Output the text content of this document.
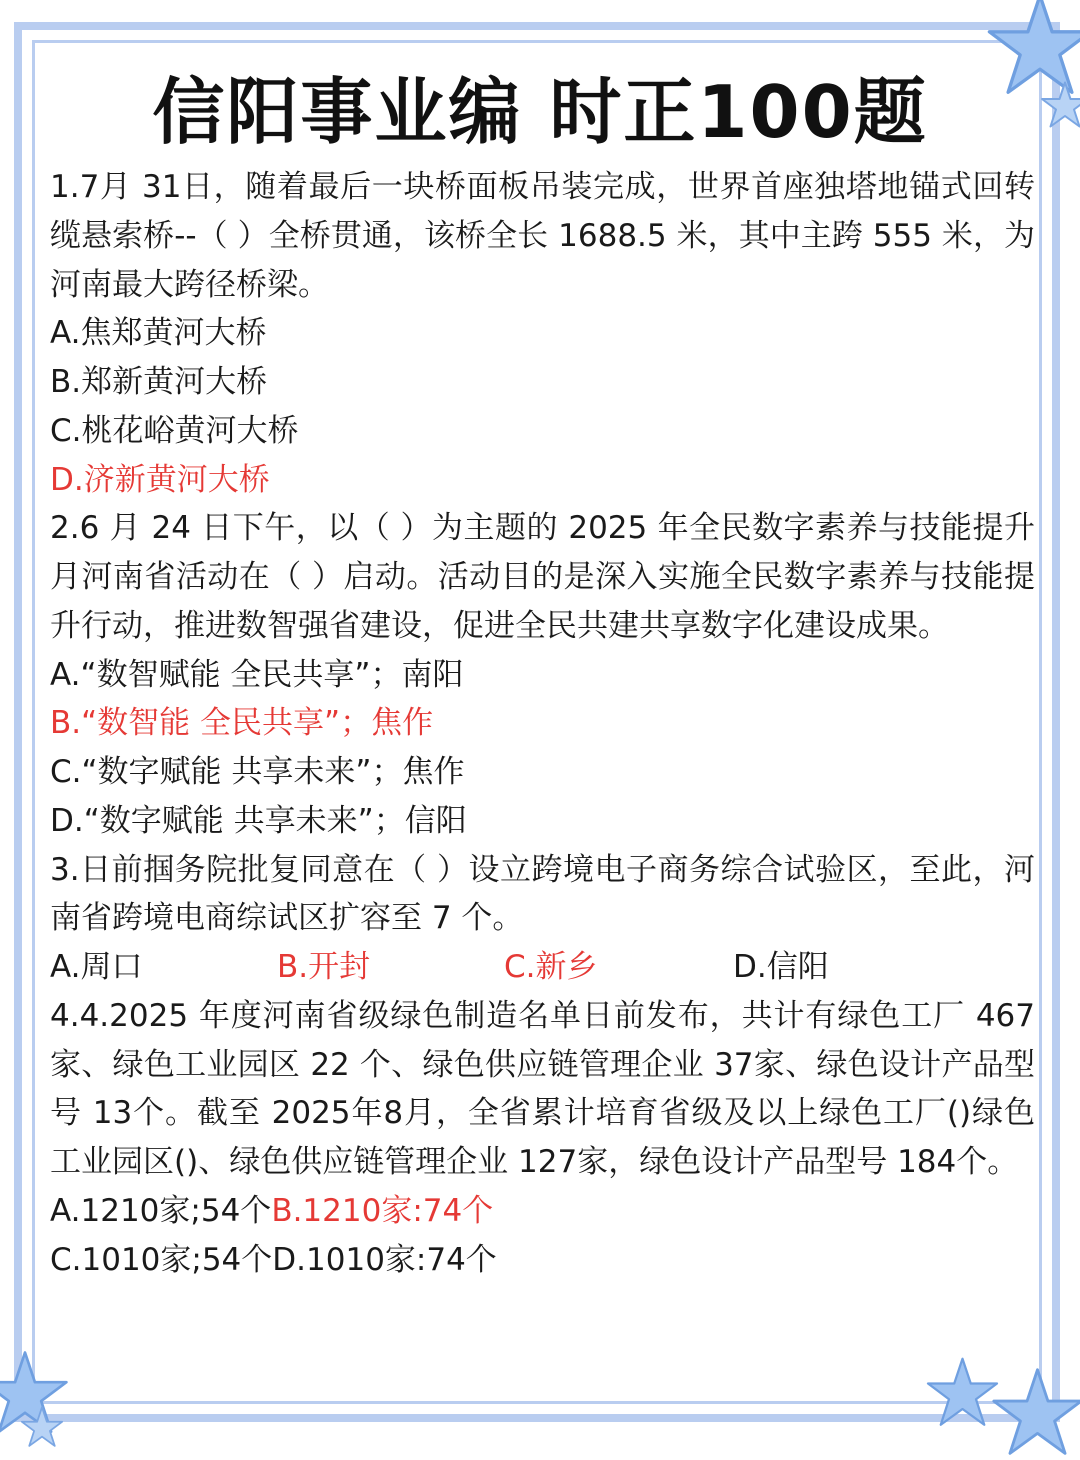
信阳事业编 时正100题

1.7月 31日，随着最后一块桥面板吊装完成，世界首座独塔地锚式回转缆悬索桥--（ ）全桥贯通，该桥全长 1688.5 米，其中主跨 555 米，为河南最大跨径桥梁。

A.焦郑黄河大桥

B.郑新黄河大桥

C.桃花峪黄河大桥

D.济新黄河大桥

2.6 月 24 日下午，以（ ）为主题的 2025 年全民数字素养与技能提升月河南省活动在（ ）启动。活动目的是深入实施全民数字素养与技能提升行动，推进数智强省建设，促进全民共建共享数字化建设成果。

A.“数智赋能 全民共享”；南阳

B.“数智能 全民共享”；焦作

C.“数字赋能 共享未来”；焦作

D.“数字赋能 共享未来”；信阳

3.日前掴务院批复同意在（ ）设立跨境电子商务综合试验区，至此，河南省跨境电商综试区扩容至 7 个。

A.周口	B.开封	C.新乡	D.信阳

4.4.2025 年度河南省级绿色制造名单日前发布，共计有绿色工厂 467 家、绿色工业园区 22 个、绿色供应链管理企业 37家、绿色设计产品型号 13个。截至 2025年8月，全省累计培育省级及以上绿色工厂()绿色工业园区()、绿色供应链管理企业 127家，绿色设计产品型号 184个。

A.1210家;54个B.1210家:74个

C.1010家;54个D.1010家:74个
